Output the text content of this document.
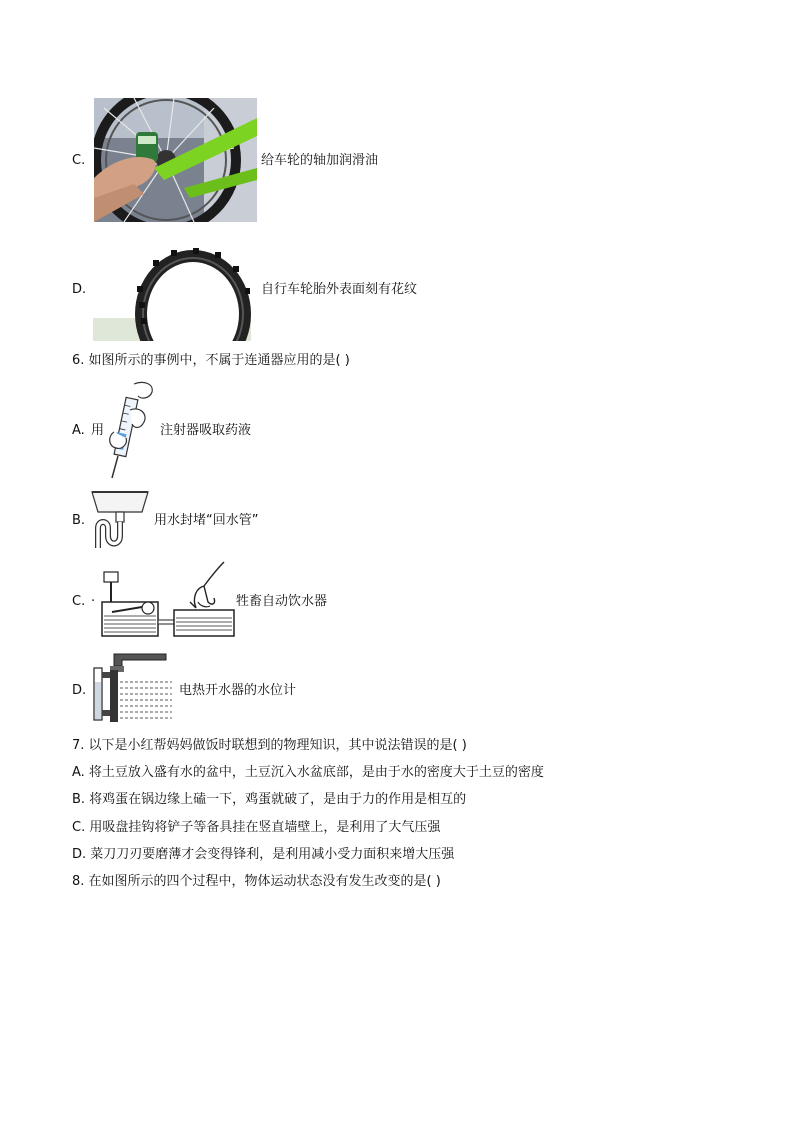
C.	给车轮的轴加润滑油
D.	自行车轮胎外表面刻有花纹
6. 如图所示的事例中，不属于连通器应用的是( )
A. 用	注射器吸取药液
B.	用水封堵“回水管”
C. ·	牲畜自动饮水器
D.	电热开水器的水位计
7. 以下是小红帮妈妈做饭时联想到的物理知识，其中说法错误的是( )
A. 将土豆放入盛有水的盆中，土豆沉入水盆底部，是由于水的密度大于土豆的密度
B. 将鸡蛋在锅边缘上磕一下，鸡蛋就破了，是由于力的作用是相互的
C. 用吸盘挂钩将铲子等备具挂在竖直墙壁上，是利用了大气压强
D. 菜刀刀刃要磨薄才会变得锋利，是利用减小受力面积来增大压强
8. 在如图所示的四个过程中，物体运动状态没有发生改变的是( )
